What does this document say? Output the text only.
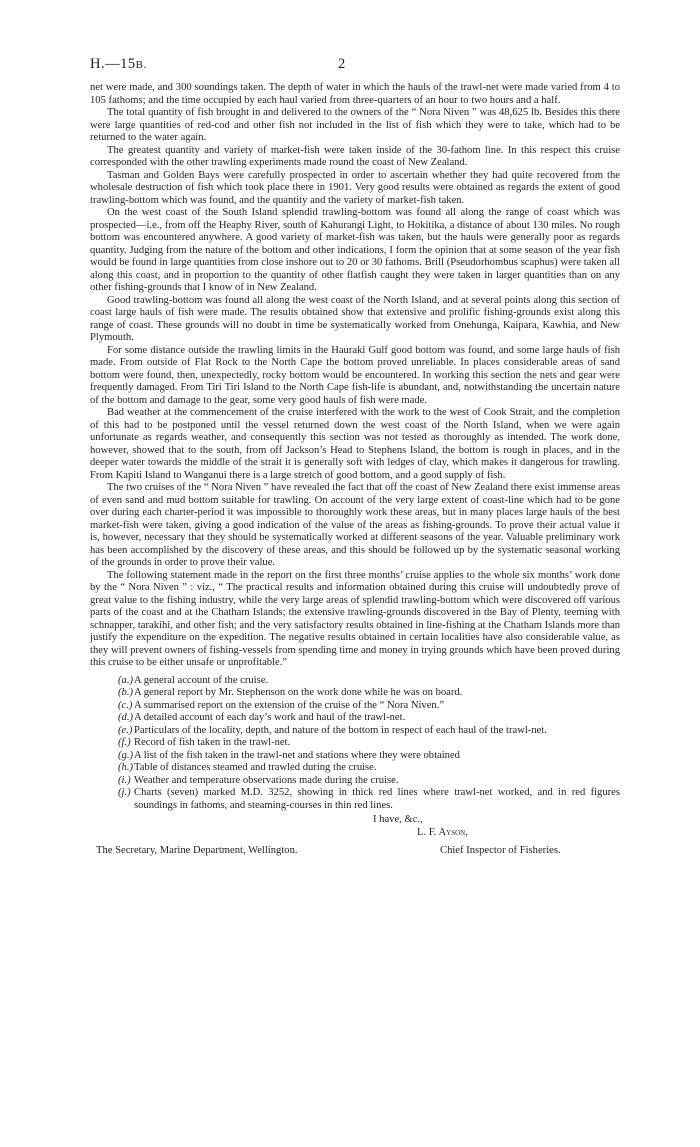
H.—15B.	2

net were made, and 300 soundings taken. The depth of water in which the hauls of the trawl-net were made varied from 4 to 105 fathoms; and the time occupied by each haul varied from three-quarters of an hour to two hours and a half.

The total quantity of fish brought in and delivered to the owners of the “ Nora Niven ” was 48,625 lb. Besides this there were large quantities of red-cod and other fish not included in the list of fish which they were to take, which had to be returned to the water again.

The greatest quantity and variety of market-fish were taken inside of the 30-fathom line. In this respect this cruise corresponded with the other trawling experiments made round the coast of New Zealand.

Tasman and Golden Bays were carefully prospected in order to ascertain whether they had quite recovered from the wholesale destruction of fish which took place there in 1901. Very good results were obtained as regards the extent of good trawling-bottom which was found, and the quantity and the variety of market-fish taken.

On the west coast of the South Island splendid trawling-bottom was found all along the range of coast which was prospected—i.e., from off the Heaphy River, south of Kahurangi Light, to Hokitika, a distance of about 130 miles. No rough bottom was encountered anywhere. A good variety of market-fish was taken, but the hauls were generally poor as regards quantity. Judging from the nature of the bottom and other indications, I form the opinion that at some season of the year fish would be found in large quantities from close inshore out to 20 or 30 fathoms. Brill (Pseudorhombus scaphus) were taken all along this coast, and in proportion to the quantity of other flatfish caught they were taken in larger quantities than on any other fishing-grounds that I know of in New Zealand.

Good trawling-bottom was found all along the west coast of the North Island, and at several points along this section of coast large hauls of fish were made. The results obtained show that extensive and prolific fishing-grounds exist along this range of coast. These grounds will no doubt in time be systematically worked from Onehunga, Kaipara, Kawhia, and New Plymouth.

For some distance outside the trawling limits in the Hauraki Gulf good bottom was found, and some large hauls of fish made. From outside of Flat Rock to the North Cape the bottom proved unreliable. In places considerable areas of sand bottom were found, then, unexpectedly, rocky bottom would be encountered. In working this section the nets and gear were frequently damaged. From Tiri Tiri Island to the North Cape fish-life is abundant, and, notwithstanding the uncertain nature of the bottom and damage to the gear, some very good hauls of fish were made.

Bad weather at the commencement of the cruise interfered with the work to the west of Cook Strait, and the completion of this had to be postponed until the vessel returned down the west coast of the North Island, when we were again unfortunate as regards weather, and consequently this section was not tested as thoroughly as intended. The work done, however, showed that to the south, from off Jackson’s Head to Stephens Island, the bottom is rough in places, and in the deeper water towards the middle of the strait it is generally soft with ledges of clay, which makes it dangerous for trawling. From Kapiti Island to Wanganui there is a large stretch of good bottom, and a good supply of fish.

The two cruises of the “ Nora Niven ” have revealed the fact that off the coast of New Zealand there exist immense areas of even sand and mud bottom suitable for trawling. On account of the very large extent of coast-line which had to be gone over during each charter-period it was impossible to thoroughly work these areas, but in many places large hauls of the best market-fish were taken, giving a good indication of the value of the areas as fishing-grounds. To prove their actual value it is, however, necessary that they should be systematically worked at different seasons of the year. Valuable preliminary work has been accomplished by the discovery of these areas, and this should be followed up by the systematic seasonal working of the grounds in order to prove their value.

The following statement made in the report on the first three months’ cruise applies to the whole six months’ work done by the “ Nora Niven ” : viz., “ The practical results and information obtained during this cruise will undoubtedly prove of great value to the fishing industry, while the very large areas of splendid trawling-bottom which were discovered off various parts of the coast and at the Chatham Islands; the extensive trawling-grounds discovered in the Bay of Plenty, teeming with schnapper, tarakihi, and other fish; and the very satisfactory results obtained in line-fishing at the Chatham Islands more than justify the expenditure on the expedition. The negative results obtained in certain localities have also considerable value, as they will prevent owners of fishing-vessels from spending time and money in trying grounds which have been proved during this cruise to be either unsafe or unprofitable.”

(a.) A general account of the cruise.
(b.) A general report by Mr. Stephenson on the work done while he was on board.
(c.) A summarised report on the extension of the cruise of the “ Nora Niven.”
(d.) A detailed account of each day’s work and haul of the trawl-net.
(e.) Particulars of the locality, depth, and nature of the bottom in respect of each haul of the trawl-net.
(f.) Record of fish taken in the trawl-net.
(g.) A list of the fish taken in the trawl-net and stations where they were obtained
(h.) Table of distances steamed and trawled during the cruise.
(i.) Weather and temperature observations made during the cruise.
(j.) Charts (seven) marked M.D. 3252, showing in thick red lines where trawl-net worked, and in red figures soundings in fathoms, and steaming-courses in thin red lines.
I have, &c.,
L. F. Ayson,
The Secretary, Marine Department, Wellington.	Chief Inspector of Fisheries.
